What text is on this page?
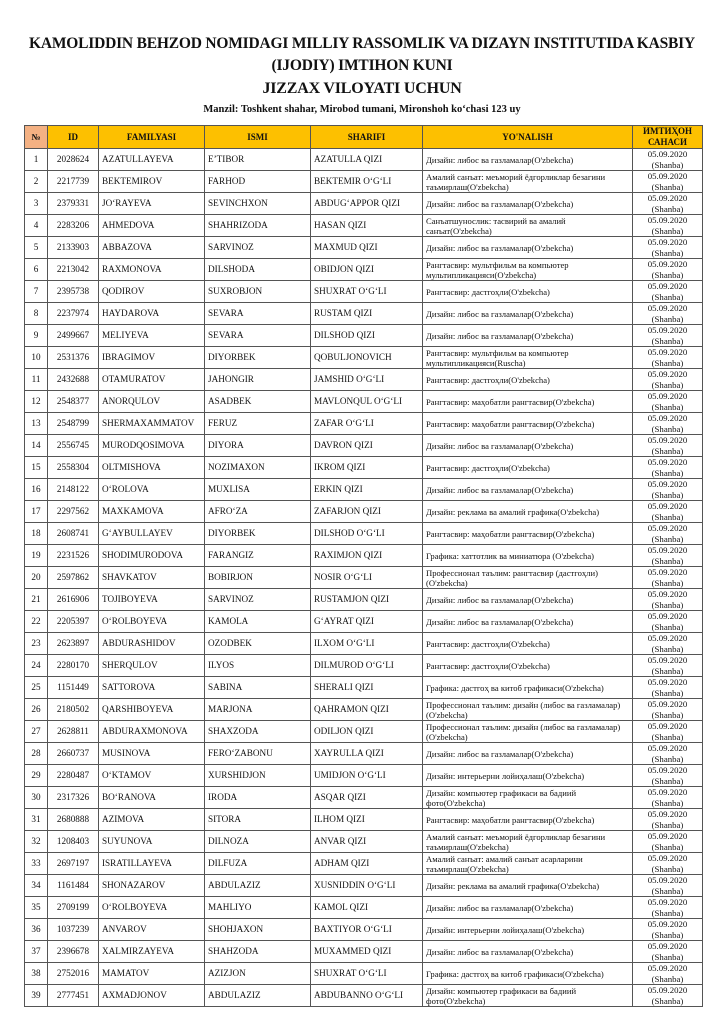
KAMOLIDDIN BEHZOD NOMIDAGI MILLIY RASSOMLIK VA DIZAYN INSTITUTIDA KASBIY
(IJODIY) IMTIHON KUNI
JIZZAX VILOYATI UCHUN
Manzil: Toshkent shahar, Mirobod tumani, Mironshoh ko‘chasi 123 uy
№	ID	FAMILYASI	ISMI	SHARIFI	YO'NALISH	ИМТИҲОН
САНАСИ
1	2028624	AZATULLAYEVA	E’TIBOR	AZATULLA QIZI	Дизайн: либос ва газламалар(O'zbekcha)	05.09.2020
(Shanba)

2	2217739	BEKTEMIROV	FARHOD	BEKTEMIR O‘G‘LI	Амалий санъат: меъморий ёдгорликлар безагини таъмирлаш(O'zbekcha)	05.09.2020
(Shanba)

3	2379331	JO‘RAYEVA	SEVINCHXON	ABDUG‘APPOR QIZI	Дизайн: либос ва газламалар(O'zbekcha)	05.09.2020
(Shanba)

4	2283206	AHMEDOVA	SHAHRIZODA	HASAN QIZI	Санъатшунослик: тасвирий ва амалий санъат(O'zbekcha)	05.09.2020
(Shanba)

5	2133903	ABBAZOVA	SARVINOZ	MAXMUD QIZI	Дизайн: либос ва газламалар(O'zbekcha)	05.09.2020
(Shanba)

6	2213042	RAXMONOVA	DILSHODA	OBIDJON QIZI	Рангтасвир: мультфильм ва компьютер мультипликацияси(O'zbekcha)	05.09.2020
(Shanba)

7	2395738	QODIROV	SUXROBJON	SHUXRAT O‘G‘LI	Рангтасвир: дастгоҳли(O'zbekcha)	05.09.2020
(Shanba)

8	2237974	HAYDAROVA	SEVARA	RUSTAM QIZI	Дизайн: либос ва газламалар(O'zbekcha)	05.09.2020
(Shanba)

9	2499667	MELIYEVA	SEVARA	DILSHOD QIZI	Дизайн: либос ва газламалар(O'zbekcha)	05.09.2020
(Shanba)

10	2531376	IBRAGIMOV	DIYORBEK	QOBULJONOVICH	Рангтасвир: мультфильм ва компьютер мультипликацияси(Ruscha)	05.09.2020
(Shanba)

11	2432688	OTAMURATOV	JAHONGIR	JAMSHID O‘G‘LI	Рангтасвир: дастгоҳли(O'zbekcha)	05.09.2020
(Shanba)

12	2548377	ANORQULOV	ASADBEK	MAVLONQUL O‘G‘LI	Рангтасвир: маҳобатли рангтасвир(O'zbekcha)	05.09.2020
(Shanba)

13	2548799	SHERMAXAMMATOV	FERUZ	ZAFAR O‘G‘LI	Рангтасвир: маҳобатли рангтасвир(O'zbekcha)	05.09.2020
(Shanba)

14	2556745	MURODQOSIMOVA	DIYORA	DAVRON QIZI	Дизайн: либос ва газламалар(O'zbekcha)	05.09.2020
(Shanba)

15	2558304	OLTMISHOVA	NOZIMAXON	IKROM QIZI	Рангтасвир: дастгоҳли(O'zbekcha)	05.09.2020
(Shanba)

16	2148122	O‘ROLOVA	MUXLISA	ERKIN QIZI	Дизайн: либос ва газламалар(O'zbekcha)	05.09.2020
(Shanba)

17	2297562	MAXKAMOVA	AFRO‘ZA	ZAFARJON QIZI	Дизайн: реклама ва амалий графика(O'zbekcha)	05.09.2020
(Shanba)

18	2608741	G‘AYBULLAYEV	DIYORBEK	DILSHOD O‘G‘LI	Рангтасвир: маҳобатли рангтасвир(O'zbekcha)	05.09.2020
(Shanba)

19	2231526	SHODIMURODOVA	FARANGIZ	RAXIMJON QIZI	Графика: хаттотлик ва миниатюра (O'zbekcha)	05.09.2020
(Shanba)

20	2597862	SHAVKATOV	BOBIRJON	NOSIR O‘G‘LI	Профессионал таълим: рангтасвир (дастгоҳли)(O'zbekcha)	05.09.2020
(Shanba)

21	2616906	TOJIBOYEVA	SARVINOZ	RUSTAMJON QIZI	Дизайн: либос ва газламалар(O'zbekcha)	05.09.2020
(Shanba)

22	2205397	O‘ROLBOYEVA	KAMOLA	G‘AYRAT QIZI	Дизайн: либос ва газламалар(O'zbekcha)	05.09.2020
(Shanba)

23	2623897	ABDURASHIDOV	OZODBEK	ILXOM O‘G‘LI	Рангтасвир: дастгоҳли(O'zbekcha)	05.09.2020
(Shanba)

24	2280170	SHERQULOV	ILYOS	DILMUROD O‘G‘LI	Рангтасвир: дастгоҳли(O'zbekcha)	05.09.2020
(Shanba)

25	1151449	SATTOROVA	SABINA	SHERALI QIZI	Графика: дастгоҳ ва китоб графикаси(O'zbekcha)	05.09.2020
(Shanba)

26	2180502	QARSHIBOYEVA	MARJONA	QAHRAMON QIZI	Профессионал таълим: дизайн (либос ва газламалар)(O'zbekcha)	05.09.2020
(Shanba)

27	2628811	ABDURAXMONOVA	SHAXZODA	ODILJON QIZI	Профессионал таълим: дизайн (либос ва газламалар)(O'zbekcha)	05.09.2020
(Shanba)

28	2660737	MUSINOVA	FERO‘ZABONU	XAYRULLA QIZI	Дизайн: либос ва газламалар(O'zbekcha)	05.09.2020
(Shanba)

29	2280487	O‘KTAMOV	XURSHIDJON	UMIDJON O‘G‘LI	Дизайн: интерьерни лойиҳалаш(O'zbekcha)	05.09.2020
(Shanba)

30	2317326	BO‘RANOVA	IRODA	ASQAR QIZI	Дизайн: компьютер графикаси ва бадиий фото(O'zbekcha)	05.09.2020
(Shanba)

31	2680888	AZIMOVA	SITORA	ILHOM QIZI	Рангтасвир: маҳобатли рангтасвир(O'zbekcha)	05.09.2020
(Shanba)

32	1208403	SUYUNOVA	DILNOZA	ANVAR QIZI	Амалий санъат: меъморий ёдгорликлар безагини таъмирлаш(O'zbekcha)	05.09.2020
(Shanba)

33	2697197	ISRATILLAYEVA	DILFUZA	ADHAM QIZI	Амалий санъат: амалий санъат асарларини таъмирлаш(O'zbekcha)	05.09.2020
(Shanba)

34	1161484	SHONAZAROV	ABDULAZIZ	XUSNIDDIN O‘G‘LI	Дизайн: реклама ва амалий графика(O'zbekcha)	05.09.2020
(Shanba)

35	2709199	O‘ROLBOYEVA	MAHLIYO	KAMOL QIZI	Дизайн: либос ва газламалар(O'zbekcha)	05.09.2020
(Shanba)

36	1037239	ANVAROV	SHOHJAXON	BAXTIYOR O‘G‘LI	Дизайн: интерьерни лойиҳалаш(O'zbekcha)	05.09.2020
(Shanba)

37	2396678	XALMIRZAYEVA	SHAHZODA	MUXAMMED QIZI	Дизайн: либос ва газламалар(O'zbekcha)	05.09.2020
(Shanba)

38	2752016	MAMATOV	AZIZJON	SHUXRAT O‘G‘LI	Графика: дастгоҳ ва китоб графикаси(O'zbekcha)	05.09.2020
(Shanba)

39	2777451	AXMADJONOV	ABDULAZIZ	ABDUBANNO O‘G‘LI	Дизайн: компьютер графикаси ва бадиий фото(O'zbekcha)	05.09.2020
(Shanba)
